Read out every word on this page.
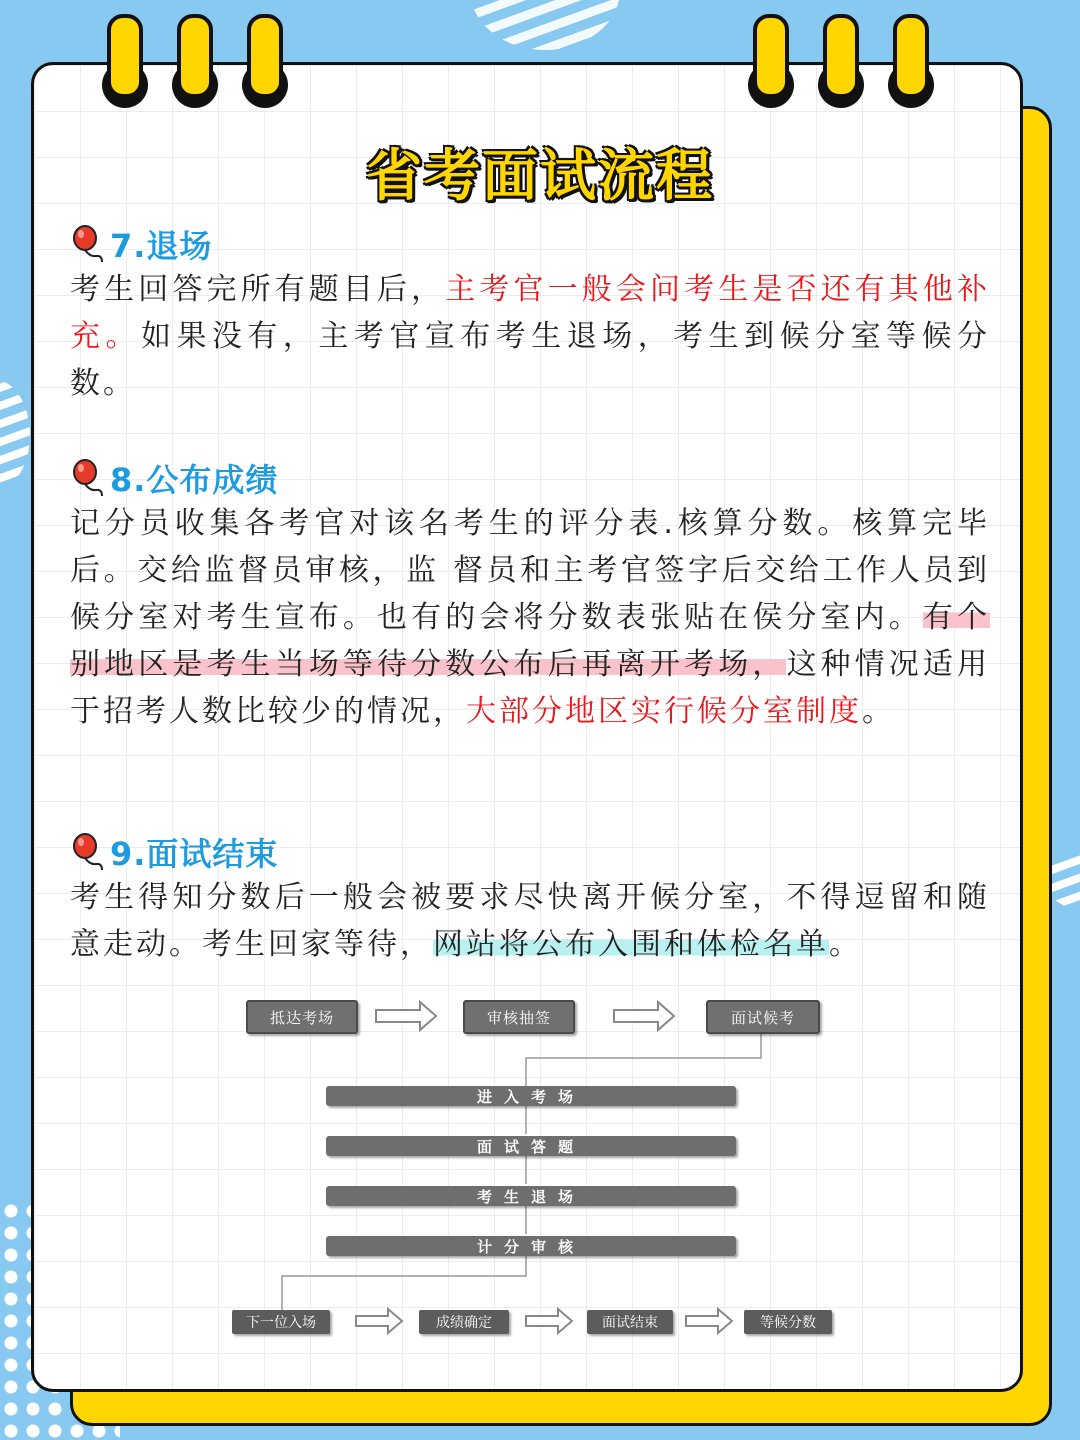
省考面试流程
7.退场

考生回答完所有题目后，主考官一般会问考生是否还有其他补充。如果没有，主考官宣布考生退场，考生到候分室等候分数。

8.公布成绩

记分员收集各考官对该名考生的评分表.核算分数。核算完毕后。交给监督员审核，监 督员和主考官签字后交给工作人员到候分室对考生宣布。也有的会将分数表张贴在侯分室内。有个别地区是考生当场等待分数公布后再离开考场，这种情况适用于招考人数比较少的情况，大部分地区实行候分室制度。

9.面试结束

考生得知分数后一般会被要求尽快离开候分室，不得逗留和随意走动。考生回家等待，网站将公布入围和体检名单。

抵达考场	审核抽签	面试候考
进入考场
面试答题
考生退场
计分审核
下一位入场	成绩确定	面试结束	等候分数
